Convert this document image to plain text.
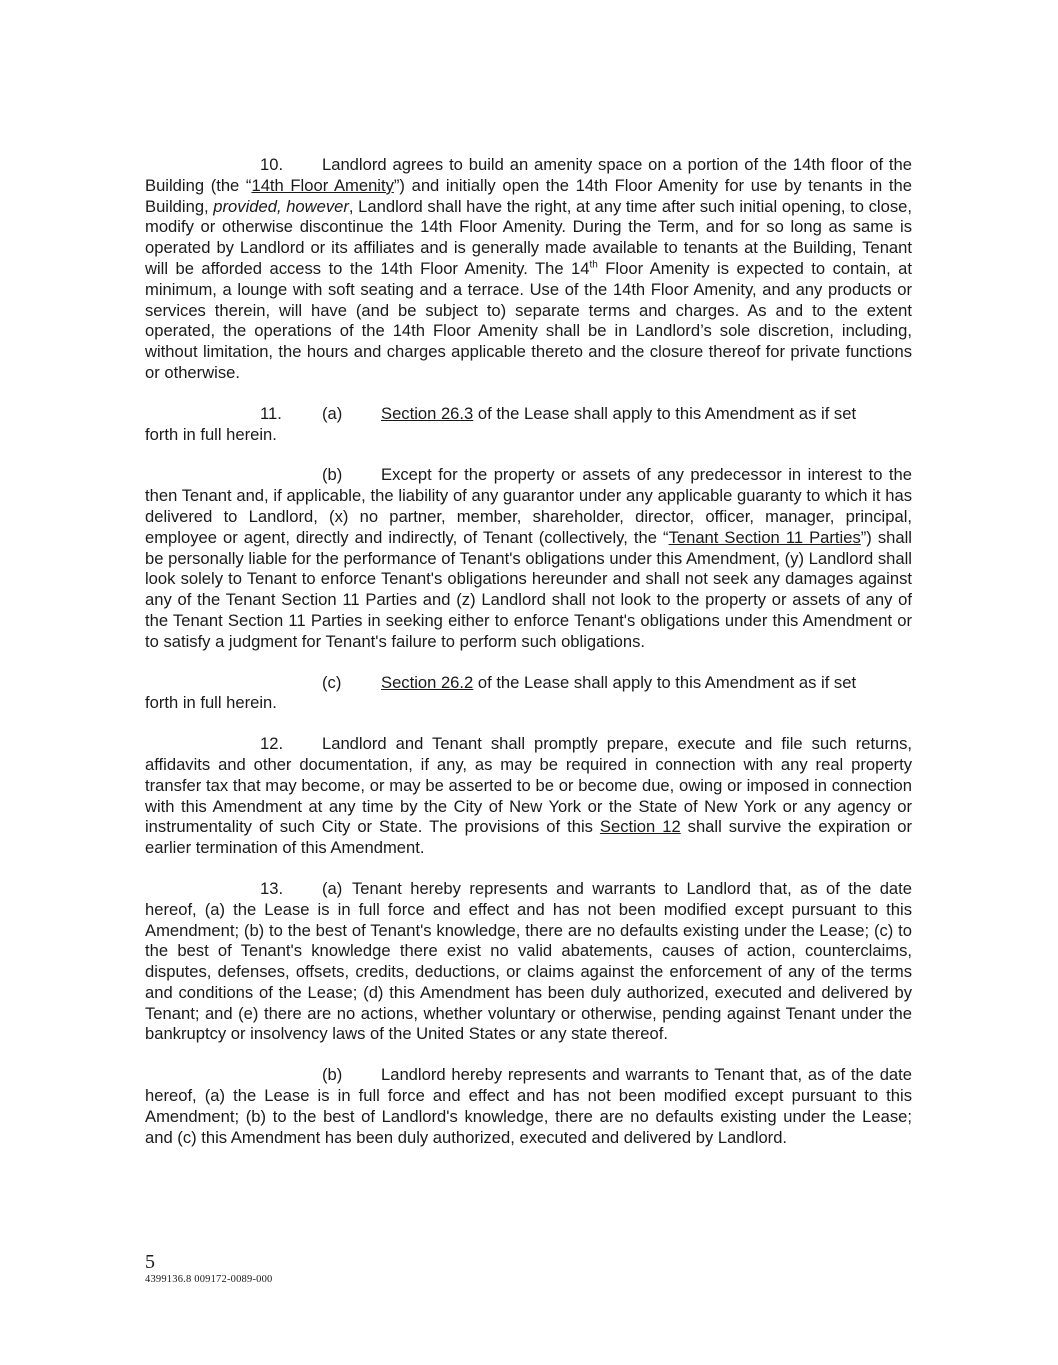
10. Landlord agrees to build an amenity space on a portion of the 14th floor of the Building (the “14th Floor Amenity”) and initially open the 14th Floor Amenity for use by tenants in the Building, provided, however, Landlord shall have the right, at any time after such initial opening, to close, modify or otherwise discontinue the 14th Floor Amenity. During the Term, and for so long as same is operated by Landlord or its affiliates and is generally made available to tenants at the Building, Tenant will be afforded access to the 14th Floor Amenity. The 14th Floor Amenity is expected to contain, at minimum, a lounge with soft seating and a terrace. Use of the 14th Floor Amenity, and any products or services therein, will have (and be subject to) separate terms and charges. As and to the extent operated, the operations of the 14th Floor Amenity shall be in Landlord’s sole discretion, including, without limitation, the hours and charges applicable thereto and the closure thereof for private functions or otherwise.

11. (a) Section 26.3 of the Lease shall apply to this Amendment as if set
forth in full herein.

(b) Except for the property or assets of any predecessor in interest to the then Tenant and, if applicable, the liability of any guarantor under any applicable guaranty to which it has delivered to Landlord, (x) no partner, member, shareholder, director, officer, manager, principal, employee or agent, directly and indirectly, of Tenant (collectively, the “Tenant Section 11 Parties”) shall be personally liable for the performance of Tenant's obligations under this Amendment, (y) Landlord shall look solely to Tenant to enforce Tenant's obligations hereunder and shall not seek any damages against any of the Tenant Section 11 Parties and (z) Landlord shall not look to the property or assets of any of the Tenant Section 11 Parties in seeking either to enforce Tenant's obligations under this Amendment or to satisfy a judgment for Tenant's failure to perform such obligations.

(c) Section 26.2 of the Lease shall apply to this Amendment as if set
forth in full herein.

12. Landlord and Tenant shall promptly prepare, execute and file such returns, affidavits and other documentation, if any, as may be required in connection with any real property transfer tax that may become, or may be asserted to be or become due, owing or imposed in connection with this Amendment at any time by the City of New York or the State of New York or any agency or instrumentality of such City or State. The provisions of this Section 12 shall survive the expiration or earlier termination of this Amendment.

13. (a) Tenant hereby represents and warrants to Landlord that, as of the date hereof, (a) the Lease is in full force and effect and has not been modified except pursuant to this Amendment; (b) to the best of Tenant's knowledge, there are no defaults existing under the Lease; (c) to the best of Tenant's knowledge there exist no valid abatements, causes of action, counterclaims, disputes, defenses, offsets, credits, deductions, or claims against the enforcement of any of the terms and conditions of the Lease; (d) this Amendment has been duly authorized, executed and delivered by Tenant; and (e) there are no actions, whether voluntary or otherwise, pending against Tenant under the bankruptcy or insolvency laws of the United States or any state thereof.

(b) Landlord hereby represents and warrants to Tenant that, as of the date hereof, (a) the Lease is in full force and effect and has not been modified except pursuant to this Amendment; (b) to the best of Landlord's knowledge, there are no defaults existing under the Lease; and (c) this Amendment has been duly authorized, executed and delivered by Landlord.

5
4399136.8 009172-0089-000
